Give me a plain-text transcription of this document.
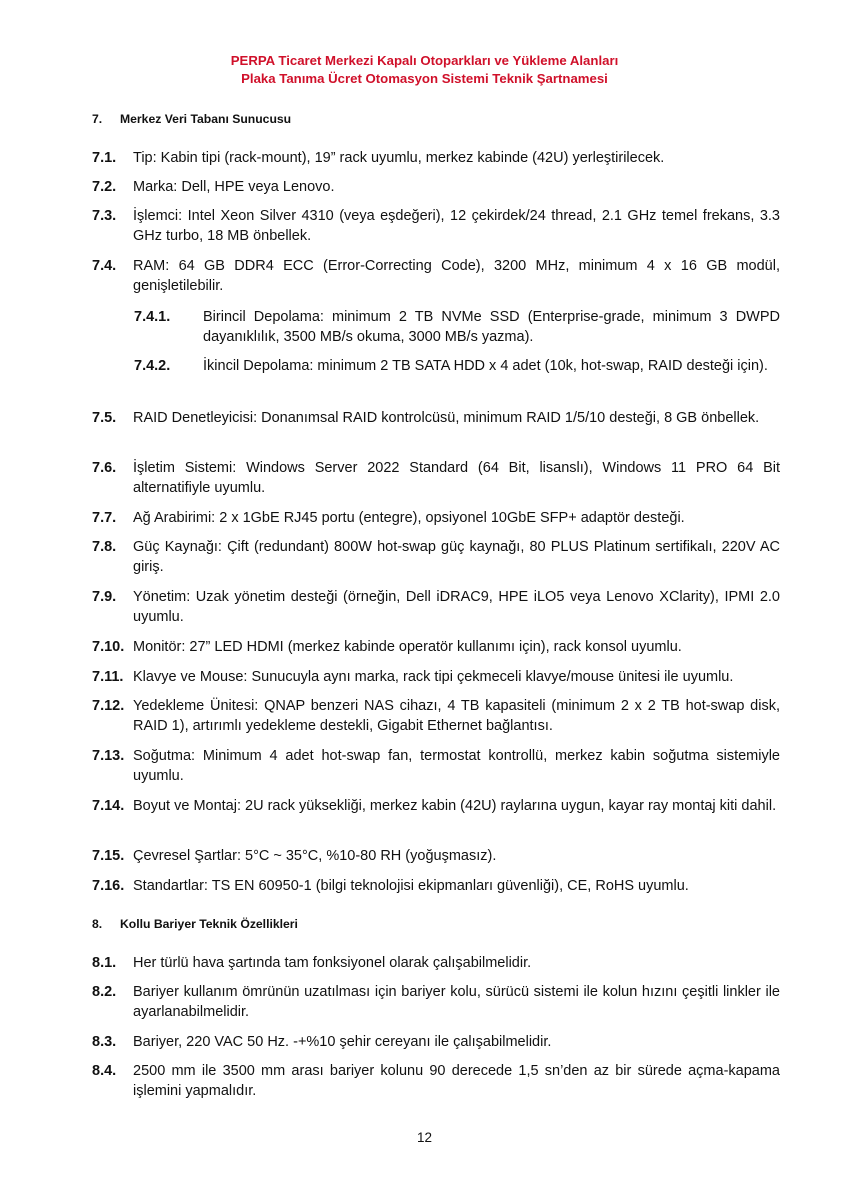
PERPA Ticaret Merkezi Kapalı Otoparkları ve Yükleme Alanları
Plaka Tanıma Ücret Otomasyon Sistemi Teknik Şartnamesi
7. Merkez Veri Tabanı Sunucusu
7.1. Tip: Kabin tipi (rack-mount), 19” rack uyumlu, merkez kabinde (42U) yerleştirilecek.
7.2. Marka: Dell, HPE veya Lenovo.
7.3. İşlemci: Intel Xeon Silver 4310 (veya eşdeğeri), 12 çekirdek/24 thread, 2.1 GHz temel frekans, 3.3 GHz turbo, 18 MB önbellek.
7.4. RAM: 64 GB DDR4 ECC (Error-Correcting Code), 3200 MHz, minimum 4 x 16 GB modül, genişletilebilir.
7.4.1. Birincil Depolama: minimum 2 TB NVMe SSD (Enterprise-grade, minimum 3 DWPD dayanıklılık, 3500 MB/s okuma, 3000 MB/s yazma).
7.4.2. İkincil Depolama: minimum 2 TB SATA HDD x 4 adet (10k, hot-swap, RAID desteği için).
7.5. RAID Denetleyicisi: Donanımsal RAID kontrolcüsü, minimum RAID 1/5/10 desteği, 8 GB önbellek.
7.6. İşletim Sistemi: Windows Server 2022 Standard (64 Bit, lisanslı), Windows 11 PRO 64 Bit alternatifiyle uyumlu.
7.7. Ağ Arabirimi: 2 x 1GbE RJ45 portu (entegre), opsiyonel 10GbE SFP+ adaptör desteği.
7.8. Güç Kaynağı: Çift (redundant) 800W hot-swap güç kaynağı, 80 PLUS Platinum sertifikalı, 220V AC giriş.
7.9. Yönetim: Uzak yönetim desteği (örneğin, Dell iDRAC9, HPE iLO5 veya Lenovo XClarity), IPMI 2.0 uyumlu.
7.10. Monitör: 27” LED HDMI (merkez kabinde operatör kullanımı için), rack konsol uyumlu.
7.11. Klavye ve Mouse: Sunucuyla aynı marka, rack tipi çekmeceli klavye/mouse ünitesi ile uyumlu.
7.12. Yedekleme Ünitesi: QNAP benzeri NAS cihazı, 4 TB kapasiteli (minimum 2 x 2 TB hot-swap disk, RAID 1), artırımlı yedekleme destekli, Gigabit Ethernet bağlantısı.
7.13. Soğutma: Minimum 4 adet hot-swap fan, termostat kontrollü, merkez kabin soğutma sistemiyle uyumlu.
7.14. Boyut ve Montaj: 2U rack yüksekliği, merkez kabin (42U) raylarına uygun, kayar ray montaj kiti dahil.
7.15. Çevresel Şartlar: 5°C ~ 35°C, %10-80 RH (yoğuşmasız).
7.16. Standartlar: TS EN 60950-1 (bilgi teknolojisi ekipmanları güvenliği), CE, RoHS uyumlu.
8. Kollu Bariyer Teknik Özellikleri
8.1. Her türlü hava şartında tam fonksiyonel olarak çalışabilmelidir.
8.2. Bariyer kullanım ömrünün uzatılması için bariyer kolu, sürücü sistemi ile kolun hızını çeşitli linkler ile ayarlanabilmelidir.
8.3. Bariyer, 220 VAC 50 Hz. -+%10 şehir cereyanı ile çalışabilmelidir.
8.4. 2500 mm ile 3500 mm arası bariyer kolunu 90 derecede 1,5 sn’den az bir sürede açma-kapama işlemini yapmalıdır.
12
